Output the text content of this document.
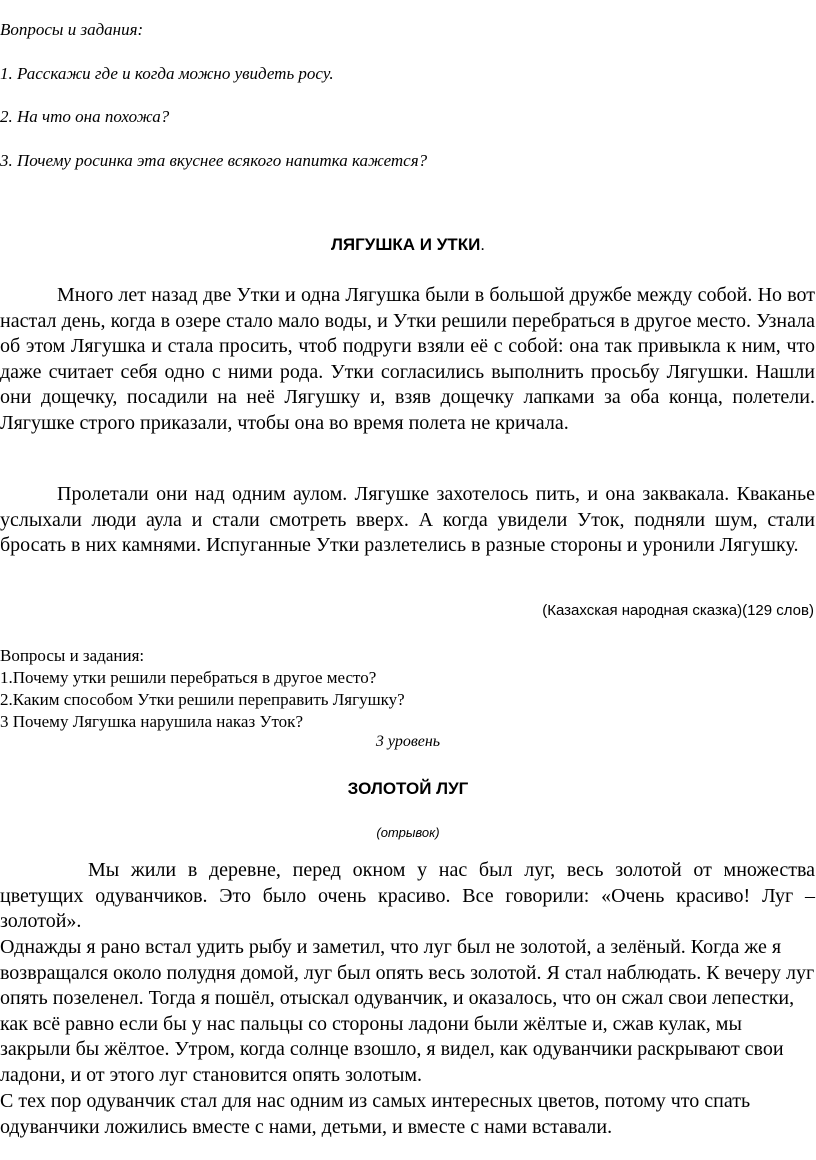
Вопросы и задания:

1. Расскажи где и когда можно увидеть росу.

2. На что она похожа?

3. Почему росинка эта вкуснее всякого напитка кажется?

ЛЯГУШКА И УТКИ.

Много лет назад две Утки и одна Лягушка были в большой дружбе между собой. Но вот настал день, когда в озере стало мало воды, и Утки решили перебраться в другое место. Узнала об этом Лягушка и стала просить, чтоб подруги взяли её с собой: она так привыкла к ним, что даже считает себя одно с ними рода. Утки согласились выполнить просьбу Лягушки. Нашли они дощечку, посадили на неё Лягушку и, взяв дощечку лапками за оба конца, полетели. Лягушке строго приказали, чтобы она во время полета не кричала.

Пролетали они над одним аулом. Лягушке захотелось пить, и она заквакала. Кваканье услыхали люди аула и стали смотреть вверх. А когда увидели Уток, подняли шум, стали бросать в них камнями. Испуганные Утки разлетелись в разные стороны и уронили Лягушку.

(Казахская народная сказка)(129 слов)

Вопросы и задания:

1.Почему утки решили перебраться в другое место?

2.Каким способом Утки решили переправить Лягушку?

3 Почему Лягушка нарушила наказ Уток?

3 уровень

ЗОЛОТОЙ ЛУГ

(отрывок)

Мы жили в деревне, перед окном у нас был луг, весь золотой от множества цветущих одуванчиков. Это было очень красиво. Все говорили: «Очень красиво! Луг – золотой».

Однажды я рано встал удить рыбу и заметил, что луг был не золотой, а зелёный. Когда же я возвращался около полудня домой, луг был опять весь золотой. Я стал наблюдать. К вечеру луг опять позеленел. Тогда я пошёл, отыскал одуванчик, и оказалось, что он сжал свои лепестки, как всё равно если бы у нас пальцы со стороны ладони были жёлтые и, сжав кулак, мы закрыли бы жёлтое. Утром, когда солнце взошло, я видел, как одуванчики раскрывают свои ладони, и от этого луг становится опять золотым.

С тех пор одуванчик стал для нас одним из самых интересных цветов, потому что спать одуванчики ложились вместе с нами, детьми, и вместе с нами вставали.
